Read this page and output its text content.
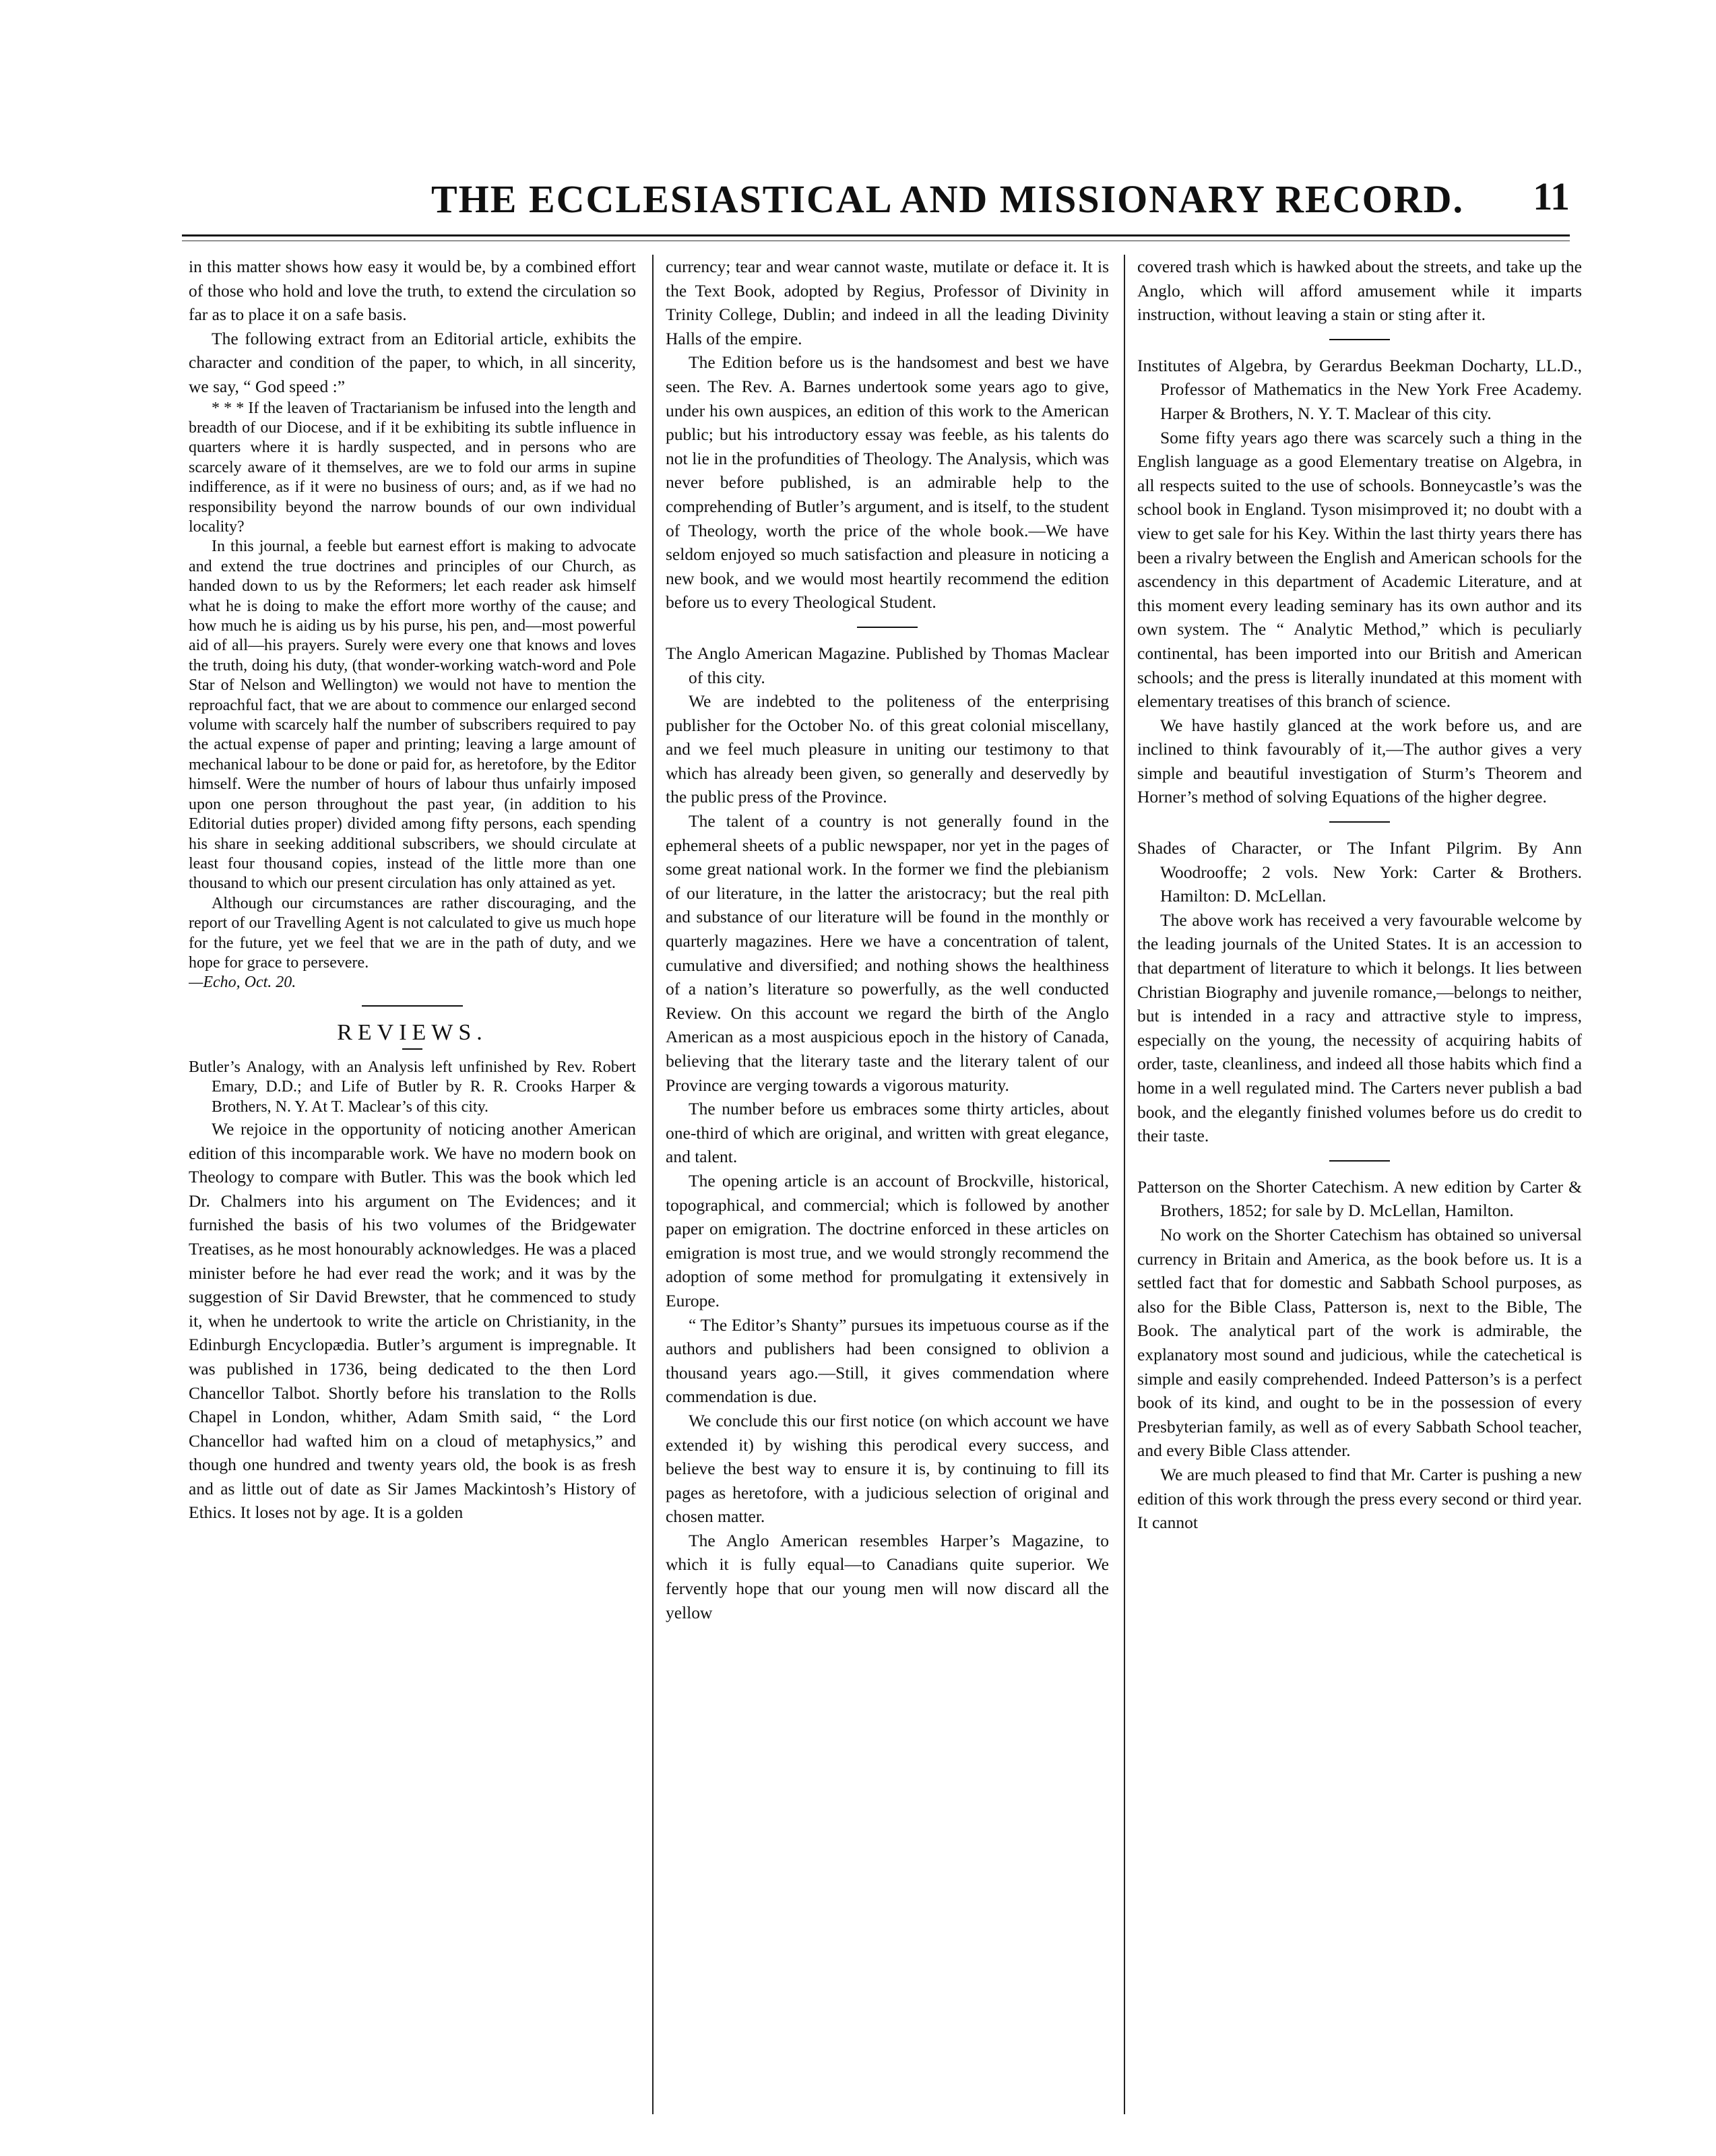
THE ECCLESIASTICAL AND MISSIONARY RECORD. 11

in this matter shows how easy it would be, by a combined effort of those who hold and love the truth, to extend the circulation so far as to place it on a safe basis.

The following extract from an Editorial article, exhibits the character and condition of the paper, to which, in all sincerity, we say, “ God speed :”

* * * If the leaven of Tractarianism be infused into the length and breadth of our Diocese, and if it be exhibiting its subtle influence in quarters where it is hardly suspected, and in persons who are scarcely aware of it themselves, are we to fold our arms in supine indifference, as if it were no business of ours; and, as if we had no responsibility beyond the narrow bounds of our own individual locality?

In this journal, a feeble but earnest effort is making to advocate and extend the true doctrines and principles of our Church, as handed down to us by the Reformers; let each reader ask himself what he is doing to make the effort more worthy of the cause; and how much he is aiding us by his purse, his pen, and—most powerful aid of all—his prayers. Surely were every one that knows and loves the truth, doing his duty, (that wonder-working watch-word and Pole Star of Nelson and Wellington) we would not have to mention the reproachful fact, that we are about to commence our enlarged second volume with scarcely half the number of subscribers required to pay the actual expense of paper and printing; leaving a large amount of mechanical labour to be done or paid for, as heretofore, by the Editor himself. Were the number of hours of labour thus unfairly imposed upon one person throughout the past year, (in addition to his Editorial duties proper) divided among fifty persons, each spending his share in seeking additional subscribers, we should circulate at least four thousand copies, instead of the little more than one thousand to which our present circulation has only attained as yet.

Although our circumstances are rather discouraging, and the report of our Travelling Agent is not calculated to give us much hope for the future, yet we feel that we are in the path of duty, and we hope for grace to persevere.

—Echo, Oct. 20.

REVIEWS.

Butler’s Analogy, with an Analysis left unfinished by Rev. Robert Emary, D.D.; and Life of Butler by R. R. Crooks Harper & Brothers, N. Y. At T. Maclear’s of this city.

We rejoice in the opportunity of noticing another American edition of this incomparable work. We have no modern book on Theology to compare with Butler. This was the book which led Dr. Chalmers into his argument on The Evidences; and it furnished the basis of his two volumes of the Bridgewater Treatises, as he most honourably acknowledges. He was a placed minister before he had ever read the work; and it was by the suggestion of Sir David Brewster, that he commenced to study it, when he undertook to write the article on Christianity, in the Edinburgh Encyclopædia. Butler’s argument is impregnable. It was published in 1736, being dedicated to the then Lord Chancellor Talbot. Shortly before his translation to the Rolls Chapel in London, whither, Adam Smith said, “ the Lord Chancellor had wafted him on a cloud of metaphysics,” and though one hundred and twenty years old, the book is as fresh and as little out of date as Sir James Mackintosh’s History of Ethics. It loses not by age. It is a golden

currency; tear and wear cannot waste, mutilate or deface it. It is the Text Book, adopted by Regius, Professor of Divinity in Trinity College, Dublin; and indeed in all the leading Divinity Halls of the empire.

The Edition before us is the handsomest and best we have seen. The Rev. A. Barnes undertook some years ago to give, under his own auspices, an edition of this work to the American public; but his introductory essay was feeble, as his talents do not lie in the profundities of Theology. The Analysis, which was never before published, is an admirable help to the comprehending of Butler’s argument, and is itself, to the student of Theology, worth the price of the whole book.—We have seldom enjoyed so much satisfaction and pleasure in noticing a new book, and we would most heartily recommend the edition before us to every Theological Student.

The Anglo American Magazine. Published by Thomas Maclear of this city.

We are indebted to the politeness of the enterprising publisher for the October No. of this great colonial miscellany, and we feel much pleasure in uniting our testimony to that which has already been given, so generally and deservedly by the public press of the Province.

The talent of a country is not generally found in the ephemeral sheets of a public newspaper, nor yet in the pages of some great national work. In the former we find the plebianism of our literature, in the latter the aristocracy; but the real pith and substance of our literature will be found in the monthly or quarterly magazines. Here we have a concentration of talent, cumulative and diversified; and nothing shows the healthiness of a nation’s literature so powerfully, as the well conducted Review. On this account we regard the birth of the Anglo American as a most auspicious epoch in the history of Canada, believing that the literary taste and the literary talent of our Province are verging towards a vigorous maturity.

The number before us embraces some thirty articles, about one-third of which are original, and written with great elegance, and talent.

The opening article is an account of Brockville, historical, topographical, and commercial; which is followed by another paper on emigration. The doctrine enforced in these articles on emigration is most true, and we would strongly recommend the adoption of some method for promulgating it extensively in Europe.

“ The Editor’s Shanty” pursues its impetuous course as if the authors and publishers had been consigned to oblivion a thousand years ago.—Still, it gives commendation where commendation is due.

We conclude this our first notice (on which account we have extended it) by wishing this perodical every success, and believe the best way to ensure it is, by continuing to fill its pages as heretofore, with a judicious selection of original and chosen matter.

The Anglo American resembles Harper’s Magazine, to which it is fully equal—to Canadians quite superior. We fervently hope that our young men will now discard all the yellow

covered trash which is hawked about the streets, and take up the Anglo, which will afford amusement while it imparts instruction, without leaving a stain or sting after it.

Institutes of Algebra, by Gerardus Beekman Docharty, LL.D., Professor of Mathematics in the New York Free Academy. Harper & Brothers, N. Y. T. Maclear of this city.

Some fifty years ago there was scarcely such a thing in the English language as a good Elementary treatise on Algebra, in all respects suited to the use of schools. Bonneycastle’s was the school book in England. Tyson misimproved it; no doubt with a view to get sale for his Key. Within the last thirty years there has been a rivalry between the English and American schools for the ascendency in this department of Academic Literature, and at this moment every leading seminary has its own author and its own system. The “ Analytic Method,” which is peculiarly continental, has been imported into our British and American schools; and the press is literally inundated at this moment with elementary treatises of this branch of science.

We have hastily glanced at the work before us, and are inclined to think favourably of it,—The author gives a very simple and beautiful investigation of Sturm’s Theorem and Horner’s method of solving Equations of the higher degree.

Shades of Character, or The Infant Pilgrim. By Ann Woodrooffe; 2 vols. New York: Carter & Brothers. Hamilton: D. McLellan.

The above work has received a very favourable welcome by the leading journals of the United States. It is an accession to that department of literature to which it belongs. It lies between Christian Biography and juvenile romance,—belongs to neither, but is intended in a racy and attractive style to impress, especially on the young, the necessity of acquiring habits of order, taste, cleanliness, and indeed all those habits which find a home in a well regulated mind. The Carters never publish a bad book, and the elegantly finished volumes before us do credit to their taste.

Patterson on the Shorter Catechism. A new edition by Carter & Brothers, 1852; for sale by D. McLellan, Hamilton.

No work on the Shorter Catechism has obtained so universal currency in Britain and America, as the book before us. It is a settled fact that for domestic and Sabbath School purposes, as also for the Bible Class, Patterson is, next to the Bible, The Book. The analytical part of the work is admirable, the explanatory most sound and judicious, while the catechetical is simple and easily comprehended. Indeed Patterson’s is a perfect book of its kind, and ought to be in the possession of every Presbyterian family, as well as of every Sabbath School teacher, and every Bible Class attender.

We are much pleased to find that Mr. Carter is pushing a new edition of this work through the press every second or third year. It cannot
